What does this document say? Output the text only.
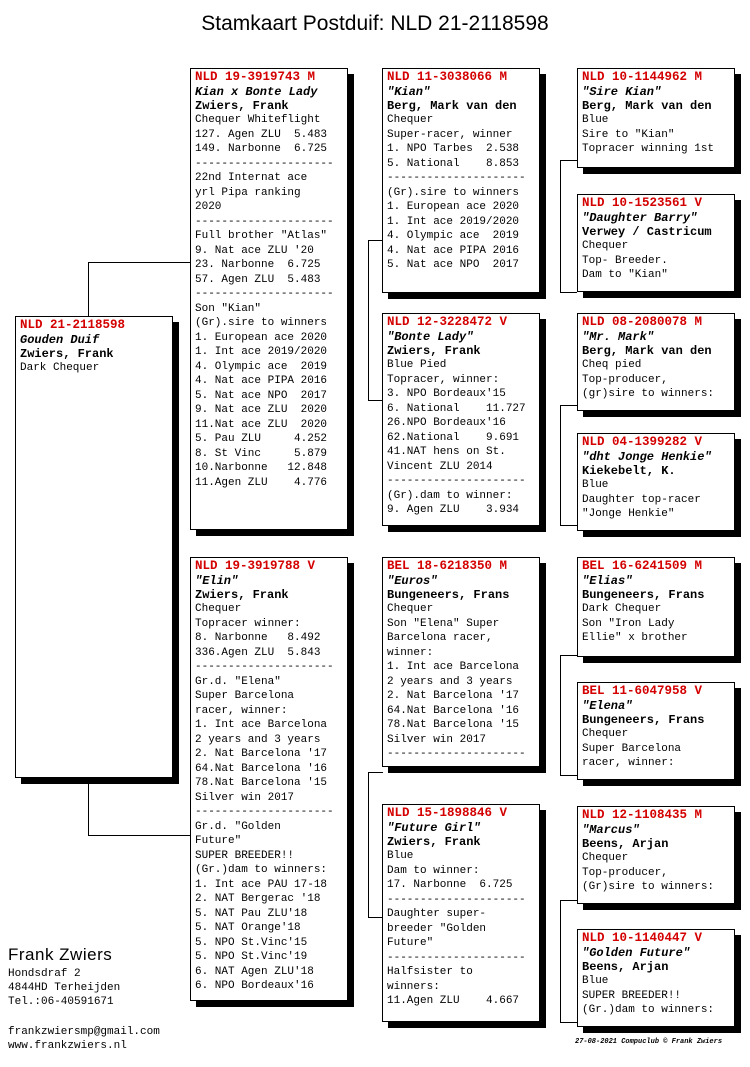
Stamkaart Postduif: NLD 21-2118598
NLD 21-2118598
Gouden Duif
Zwiers, Frank
Dark Chequer
NLD 19-3919743 M
Kian x Bonte Lady
Zwiers, Frank
Chequer Whiteflight
127. Agen ZLU  5.483
149. Narbonne  6.725
---------------------
22nd Internat ace
yrl Pipa ranking
2020
---------------------
Full brother "Atlas"
9. Nat ace ZLU '20
23. Narbonne  6.725
57. Agen ZLU  5.483
---------------------
Son "Kian"
(Gr).sire to winners
1. European ace 2020
1. Int ace 2019/2020
4. Olympic ace  2019
4. Nat ace PIPA 2016
5. Nat ace NPO  2017
9. Nat ace ZLU  2020
11.Nat ace ZLU  2020
5. Pau ZLU     4.252
8. St Vinc     5.879
10.Narbonne   12.848
11.Agen ZLU    4.776
NLD 19-3919788 V
"Elin"
Zwiers, Frank
Chequer
Topracer winner:
8. Narbonne   8.492
336.Agen ZLU  5.843
---------------------
Gr.d. "Elena"
Super Barcelona
racer, winner:
1. Int ace Barcelona
2 years and 3 years
2. Nat Barcelona '17
64.Nat Barcelona '16
78.Nat Barcelona '15
Silver win 2017
---------------------
Gr.d. "Golden
Future"
SUPER BREEDER!!
(Gr.)dam to winners:
1. Int ace PAU 17-18
2. NAT Bergerac '18
5. NAT Pau ZLU'18
5. NAT Orange'18
5. NPO St.Vinc'15
5. NPO St.Vinc'19
6. NAT Agen ZLU'18
6. NPO Bordeaux'16
NLD 11-3038066 M
"Kian"
Berg, Mark van den
Chequer
Super-racer, winner
1. NPO Tarbes  2.538
5. National    8.853
---------------------
(Gr).sire to winners
1. European ace 2020
1. Int ace 2019/2020
4. Olympic ace  2019
4. Nat ace PIPA 2016
5. Nat ace NPO  2017
NLD 12-3228472 V
"Bonte Lady"
Zwiers, Frank
Blue Pied
Topracer, winner:
3. NPO Bordeaux'15
6. National    11.727
26.NPO Bordeaux'16
62.National    9.691
41.NAT hens on St.
Vincent ZLU 2014
---------------------
(Gr).dam to winner:
9. Agen ZLU    3.934
BEL 18-6218350 M
"Euros"
Bungeneers, Frans
Chequer
Son "Elena" Super
Barcelona racer,
winner:
1. Int ace Barcelona
2 years and 3 years
2. Nat Barcelona '17
64.Nat Barcelona '16
78.Nat Barcelona '15
Silver win 2017
---------------------
NLD 15-1898846 V
"Future Girl"
Zwiers, Frank
Blue
Dam to winner:
17. Narbonne  6.725
---------------------
Daughter super-
breeder "Golden
Future"
---------------------
Halfsister to
winners:
11.Agen ZLU    4.667
NLD 10-1144962 M
"Sire Kian"
Berg, Mark van den
Blue
Sire to "Kian"
Topracer winning 1st
NLD 10-1523561 V
"Daughter Barry"
Verwey / Castricum
Chequer
Top- Breeder.
Dam to "Kian"
NLD 08-2080078 M
"Mr. Mark"
Berg, Mark van den
Cheq pied
Top-producer,
(gr)sire to winners:
NLD 04-1399282 V
"dht Jonge Henkie"
Kiekebelt, K.
Blue
Daughter top-racer
"Jonge Henkie"
BEL 16-6241509 M
"Elias"
Bungeneers, Frans
Dark Chequer
Son "Iron Lady
Ellie" x brother
BEL 11-6047958 V
"Elena"
Bungeneers, Frans
Chequer
Super Barcelona
racer, winner:
NLD 12-1108435 M
"Marcus"
Beens, Arjan
Chequer
Top-producer,
(Gr)sire to winners:
NLD 10-1140447 V
"Golden Future"
Beens, Arjan
Blue
SUPER BREEDER!!
(Gr.)dam to winners:
Frank Zwiers
Hondsdraf 2
4844HD Terheijden
Tel.:06-40591671
frankzwiersmp@gmail.com
www.frankzwiers.nl	27-08-2021 Compuclub © Frank Zwiers
